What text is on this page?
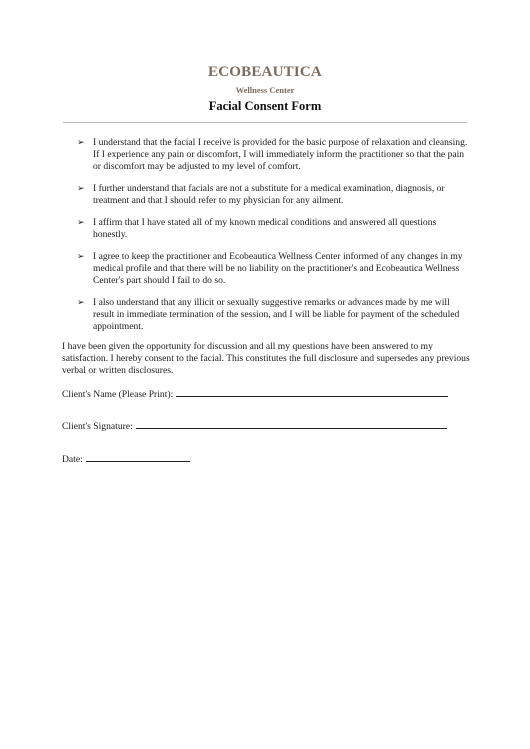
ECOBEAUTICA
Wellness Center
Facial Consent Form
➢ I understand that the facial I receive is provided for the basic purpose of relaxation and cleansing. If I experience any pain or discomfort, I will immediately inform the practitioner so that the pain or discomfort may be adjusted to my level of comfort.
➢ I further understand that facials are not a substitute for a medical examination, diagnosis, or treatment and that I should refer to my physician for any ailment.
➢ I affirm that I have stated all of my known medical conditions and answered all questions honestly.
➢ I agree to keep the practitioner and Ecobeautica Wellness Center informed of any changes in my medical profile and that there will be no liability on the practitioner's and Ecobeautica Wellness Center's part should I fail to do so.
➢ I also understand that any illicit or sexually suggestive remarks or advances made by me will result in immediate termination of the session, and I will be liable for payment of the scheduled appointment.
I have been given the opportunity for discussion and all my questions have been answered to my satisfaction. I hereby consent to the facial. This constitutes the full disclosure and supersedes any previous verbal or written disclosures.
Client's Name (Please Print):
Client's Signature:
Date:
